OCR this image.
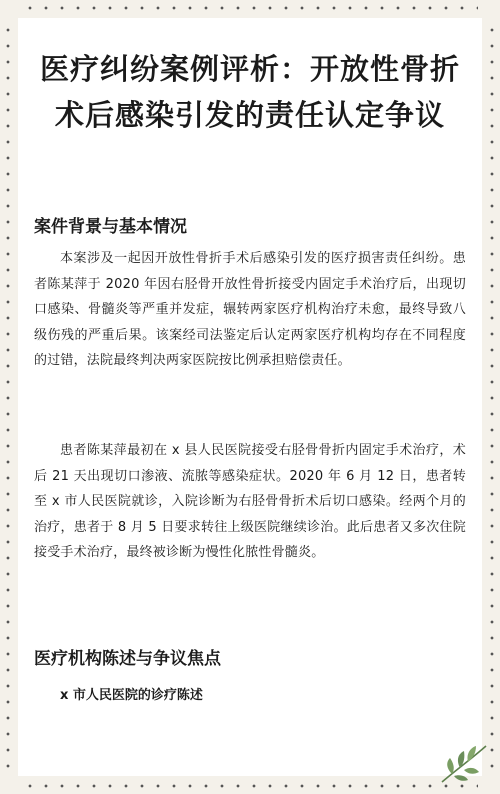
医疗纠纷案例评析：开放性骨折术后感染引发的责任认定争议
案件背景与基本情况

本案涉及一起因开放性骨折手术后感染引发的医疗损害责任纠纷。患者陈某萍于 2020 年因右胫骨开放性骨折接受内固定手术治疗后，出现切口感染、骨髓炎等严重并发症，辗转两家医疗机构治疗未愈，最终导致八级伤残的严重后果。该案经司法鉴定后认定两家医疗机构均存在不同程度的过错，法院最终判决两家医院按比例承担赔偿责任。

患者陈某萍最初在 x 县人民医院接受右胫骨骨折内固定手术治疗，术后 21 天出现切口渗液、流脓等感染症状。2020 年 6 月 12 日，患者转至 x 市人民医院就诊，入院诊断为右胫骨骨折术后切口感染。经两个月的治疗，患者于 8 月 5 日要求转往上级医院继续诊治。此后患者又多次住院接受手术治疗，最终被诊断为慢性化脓性骨髓炎。

医疗机构陈述与争议焦点
x 市人民医院的诊疗陈述
